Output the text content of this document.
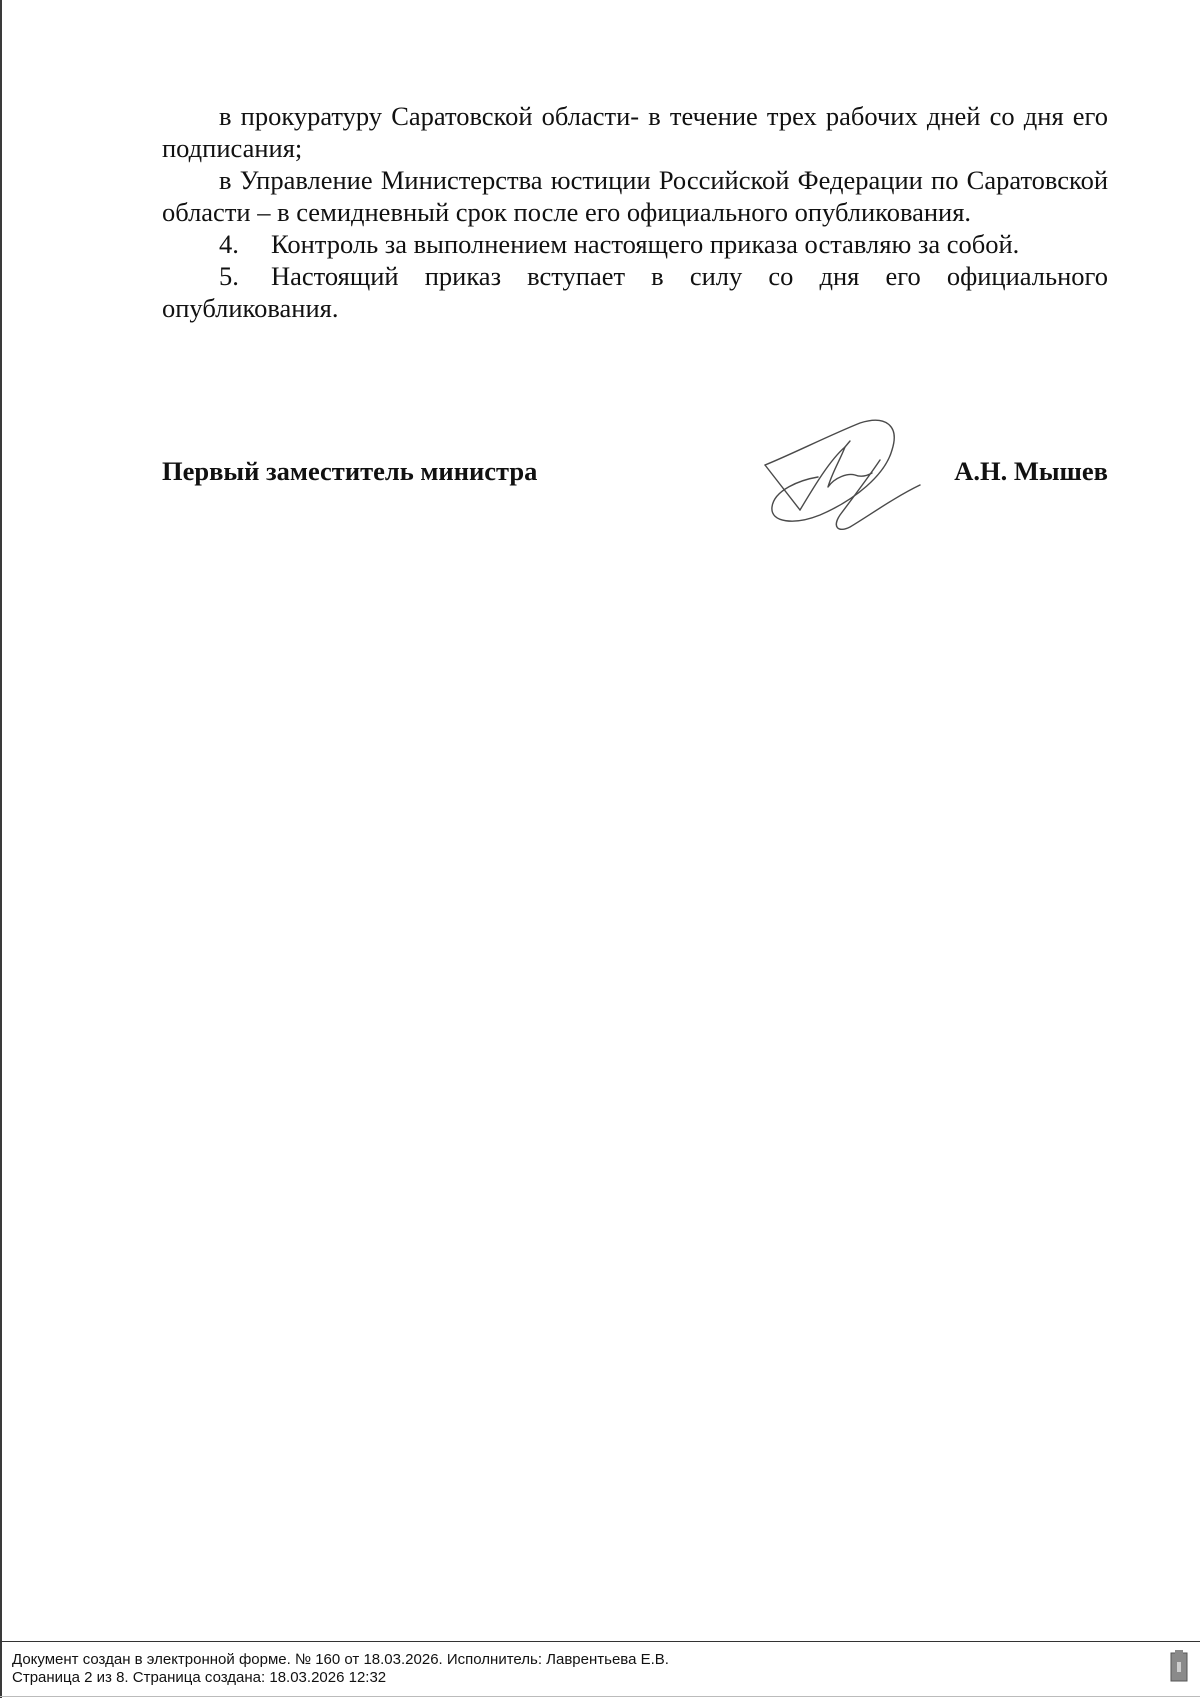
в прокуратуру Саратовской области- в течение трех рабочих дней со дня его подписания;

в Управление Министерства юстиции Российской Федерации по Саратовской области – в семидневный срок после его официального опубликования.

4. Контроль за выполнением настоящего приказа оставляю за собой.

5. Настоящий приказ вступает в силу со дня его официального опубликования.

Первый заместитель министра	А.Н. Мышев
Документ создан в электронной форме. № 160 от 18.03.2026. Исполнитель: Лаврентьева Е.В.
Страница 2 из 8. Страница создана: 18.03.2026 12:32
